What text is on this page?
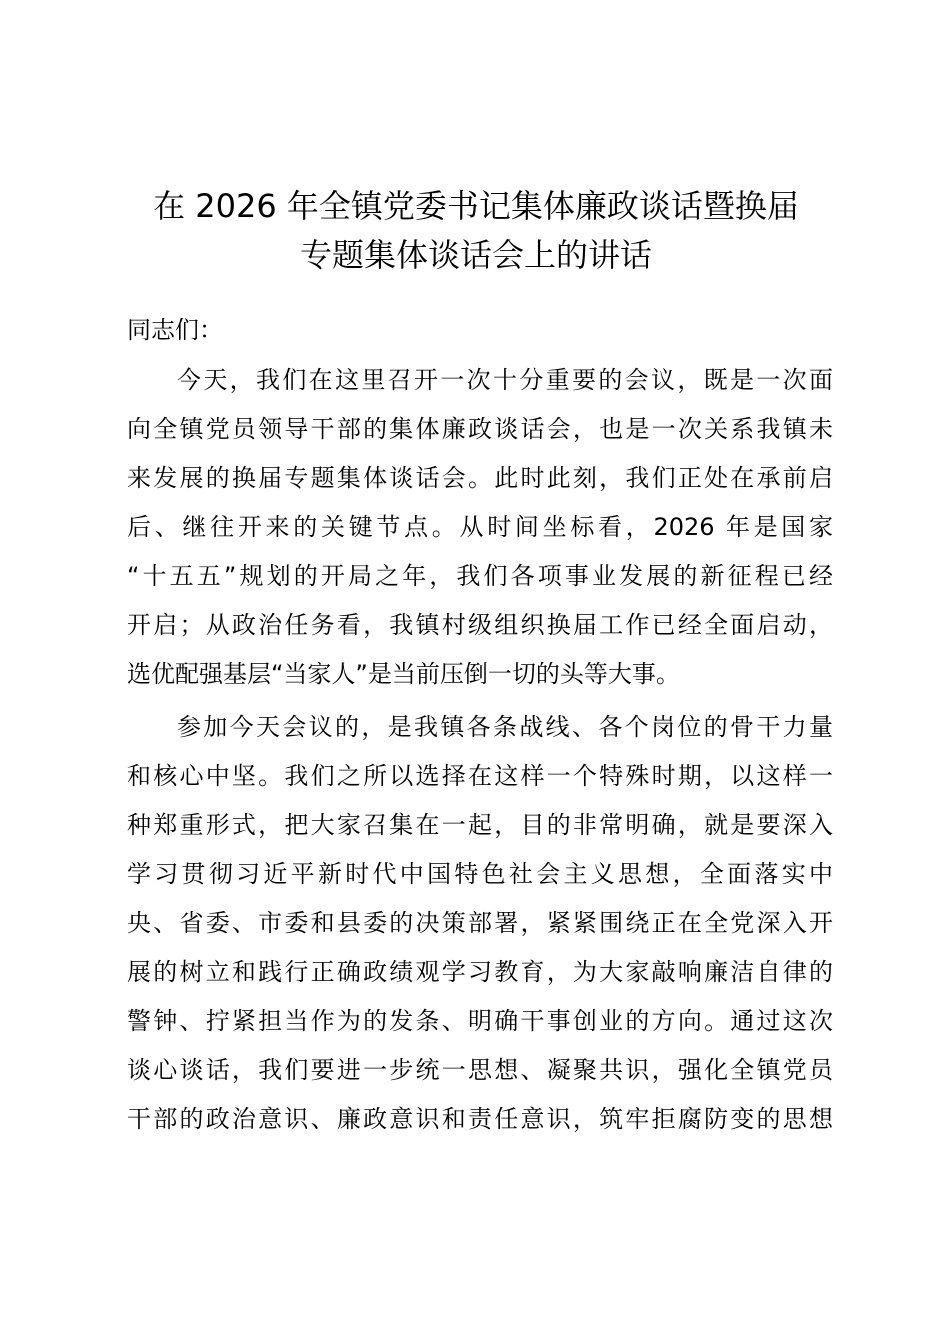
在 2026 年全镇党委书记集体廉政谈话暨换届
专题集体谈话会上的讲话
同志们：
今天，我们在这里召开一次十分重要的会议，既是一次面
向全镇党员领导干部的集体廉政谈话会，也是一次关系我镇未
来发展的换届专题集体谈话会。此时此刻，我们正处在承前启
后、继往开来的关键节点。从时间坐标看，2026 年是国家
“十五五”规划的开局之年，我们各项事业发展的新征程已经
开启；从政治任务看，我镇村级组织换届工作已经全面启动，
选优配强基层“当家人”是当前压倒一切的头等大事。
参加今天会议的，是我镇各条战线、各个岗位的骨干力量
和核心中坚。我们之所以选择在这样一个特殊时期，以这样一
种郑重形式，把大家召集在一起，目的非常明确，就是要深入
学习贯彻习近平新时代中国特色社会主义思想，全面落实中
央、省委、市委和县委的决策部署，紧紧围绕正在全党深入开
展的树立和践行正确政绩观学习教育，为大家敲响廉洁自律的
警钟、拧紧担当作为的发条、明确干事创业的方向。通过这次
谈心谈话，我们要进一步统一思想、凝聚共识，强化全镇党员
干部的政治意识、廉政意识和责任意识，筑牢拒腐防变的思想
